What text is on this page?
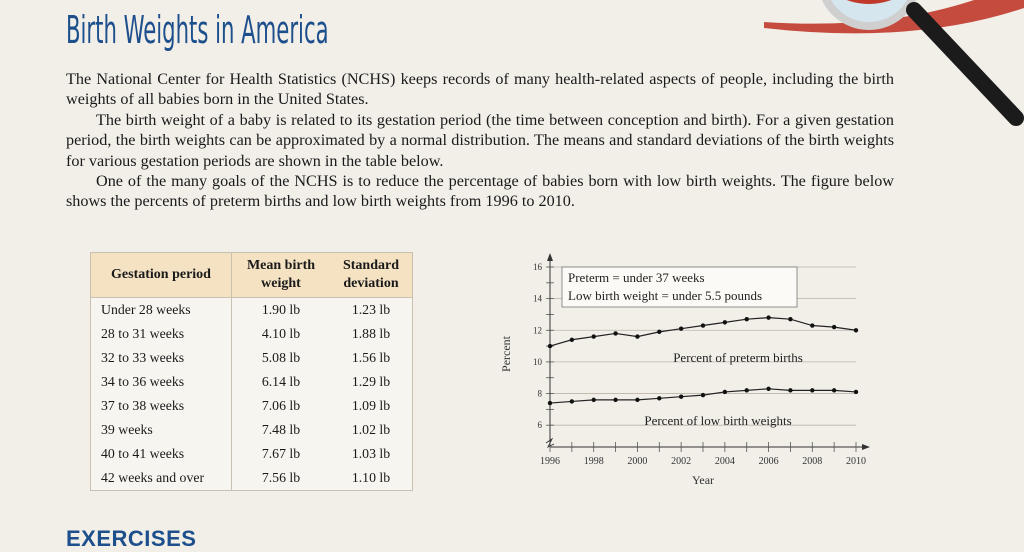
Birth Weights in America

The National Center for Health Statistics (NCHS) keeps records of many health-related aspects of people, including the birth weights of all babies born in the United States.

The birth weight of a baby is related to its gestation period (the time between conception and birth). For a given gestation period, the birth weights can be approximated by a normal distribution. The means and standard deviations of the birth weights for various gestation periods are shown in the table below.

One of the many goals of the NCHS is to reduce the percentage of babies born with low birth weights. The figure below shows the percents of preterm births and low birth weights from 1996 to 2010.

Gestation period	Mean birth weight	Standard deviation
Under 28 weeks	1.90 lb	1.23 lb
28 to 31 weeks	4.10 lb	1.88 lb
32 to 33 weeks	5.08 lb	1.56 lb
34 to 36 weeks	6.14 lb	1.29 lb
37 to 38 weeks	7.06 lb	1.09 lb
39 weeks	7.48 lb	1.02 lb
40 to 41 weeks	7.67 lb	1.03 lb
42 weeks and over	7.56 lb	1.10 lb
6
8
10
12
14
16
1996 1998 2000 2002 2004 2006 2008 2010
Percent
Year
Preterm = under 37 weeks
Low birth weight = under 5.5 pounds
Percent of preterm births
Percent of low birth weights
EXERCISES
